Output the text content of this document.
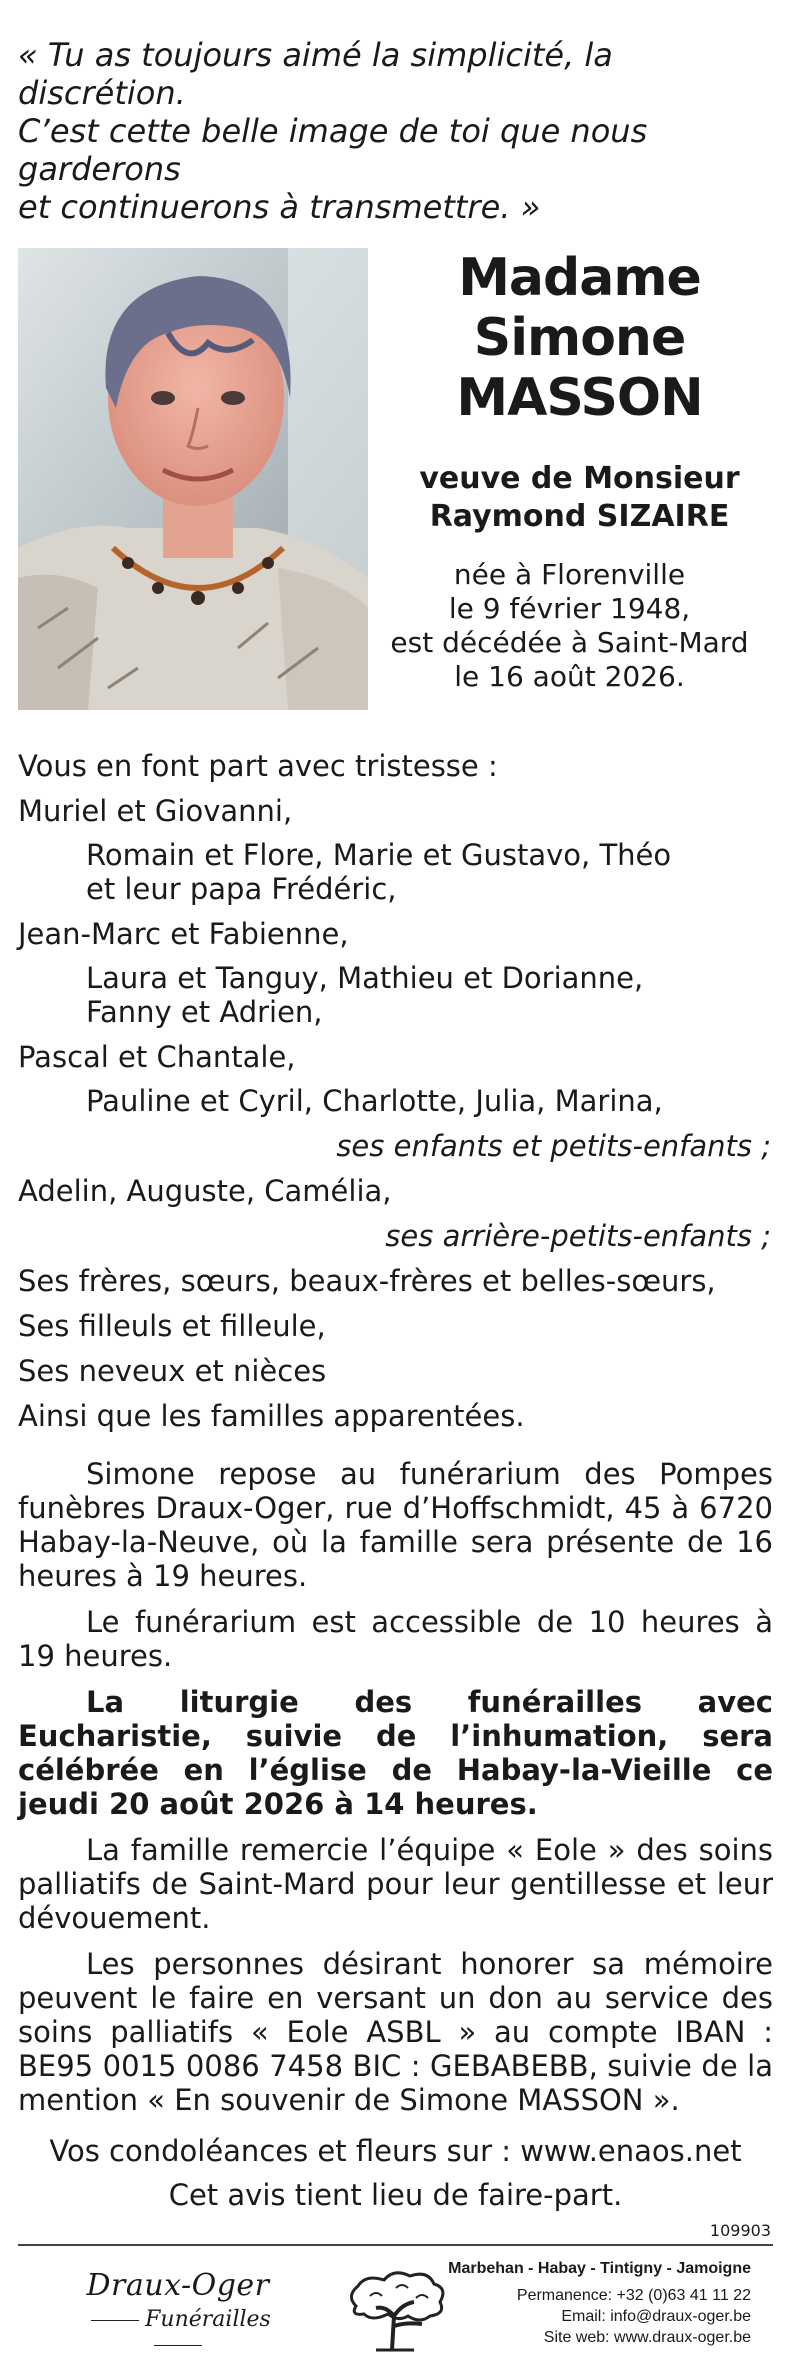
« Tu as toujours aimé la simplicité, la discrétion.
C’est cette belle image de toi que nous garderons
et continuerons à transmettre. »
Madame
Simone
MASSON
veuve de Monsieur
Raymond SIZAIRE
née à Florenville
le 9 février 1948,
est décédée à Saint-Mard
le 16 août 2026.
Vous en font part avec tristesse :
Muriel et Giovanni,
Romain et Flore, Marie et Gustavo, Théo
et leur papa Frédéric,
Jean-Marc et Fabienne,
Laura et Tanguy, Mathieu et Dorianne,
Fanny et Adrien,
Pascal et Chantale,
Pauline et Cyril, Charlotte, Julia, Marina,
ses enfants et petits-enfants ;
Adelin, Auguste, Camélia,
ses arrière-petits-enfants ;
Ses frères, sœurs, beaux-frères et belles-sœurs,
Ses filleuls et filleule,
Ses neveux et nièces
Ainsi que les familles apparentées.

Simone repose au funérarium des Pompes funèbres Draux-Oger, rue d’Hoffschmidt, 45 à 6720 Habay-la-Neuve, où la famille sera présente de 16 heures à 19 heures.

Le funérarium est accessible de 10 heures à 19 heures.

La liturgie des funérailles avec Eucharistie, suivie de l’inhumation, sera célébrée en l’église de Habay-la-Vieille ce jeudi 20 août 2026 à 14 heures.

La famille remercie l’équipe « Eole » des soins palliatifs de Saint-Mard pour leur gentillesse et leur dévouement.

Les personnes désirant honorer sa mémoire peuvent le faire en versant un don au service des soins palliatifs « Eole ASBL » au compte IBAN : BE95 0015 0086 7458 BIC : GEBABEBB, suivie de la mention « En souvenir de Simone MASSON ».

Vos condoléances et fleurs sur : www.enaos.net
Cet avis tient lieu de faire-part.
109903
Draux-Oger
Funérailles
Marbehan - Habay - Tintigny - Jamoigne
Permanence: +32 (0)63 41 11 22
Email: info@draux-oger.be
Site web: www.draux-oger.be
